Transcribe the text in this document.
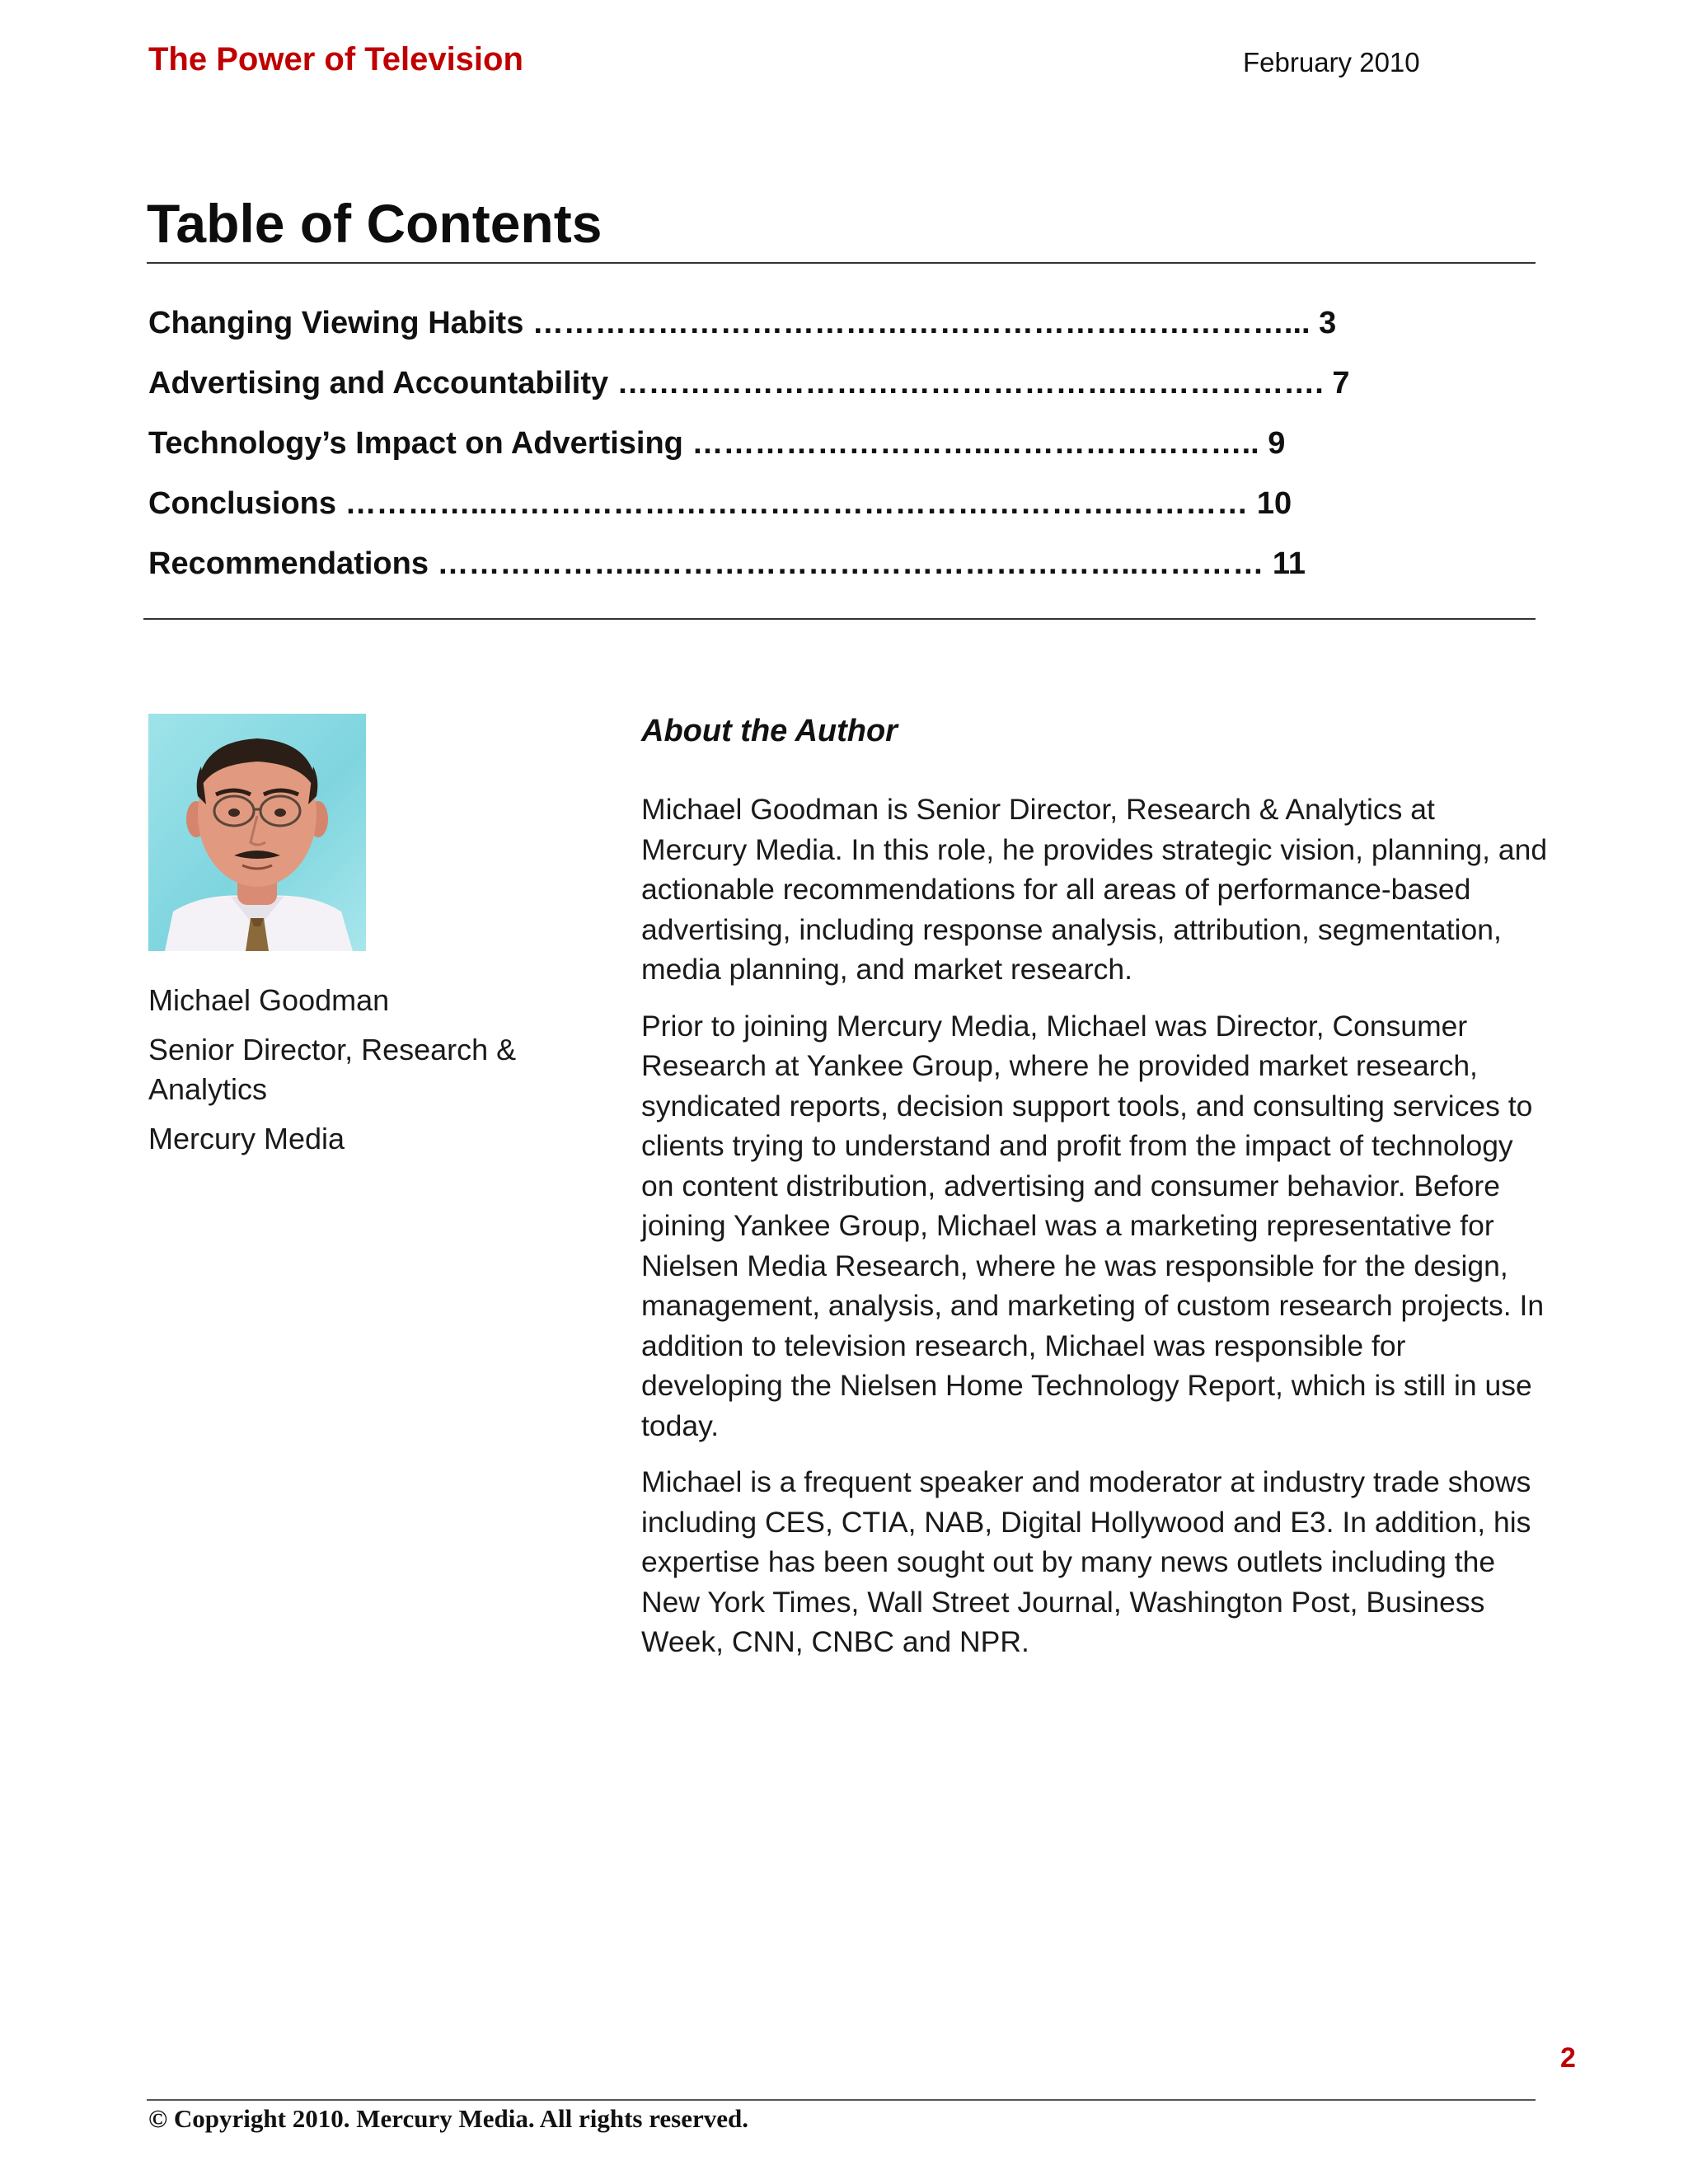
The Power of Television	February 2010
Table of Contents
Changing Viewing Habits ………………………………………………………………... 3
Advertising and Accountability ………………………………………….………………. 7
Technology’s Impact on Advertising ………………………..…………………….. 9
Conclusions …………..…………………………………………………….………… 10
Recommendations ………………...………………………………………..………… 11
Michael Goodman
Senior Director, Research & Analytics
Mercury Media
About the Author

Michael Goodman is Senior Director, Research & Analytics at Mercury Media. In this role, he provides strategic vision, planning, and actionable recommendations for all areas of performance-based advertising, including response analysis, attribution, segmentation, media planning, and market research.

Prior to joining Mercury Media, Michael was Director, Consumer Research at Yankee Group, where he provided market research, syndicated reports, decision support tools, and consulting services to clients trying to understand and profit from the impact of technology on content distribution, advertising and consumer behavior. Before joining Yankee Group, Michael was a marketing representative for Nielsen Media Research, where he was responsible for the design, management, analysis, and marketing of custom research projects. In addition to television research, Michael was responsible for developing the Nielsen Home Technology Report, which is still in use today.

Michael is a frequent speaker and moderator at industry trade shows including CES, CTIA, NAB, Digital Hollywood and E3. In addition, his expertise has been sought out by many news outlets including the New York Times, Wall Street Journal, Washington Post, Business Week, CNN, CNBC and NPR.

2
© Copyright 2010. Mercury Media. All rights reserved.
